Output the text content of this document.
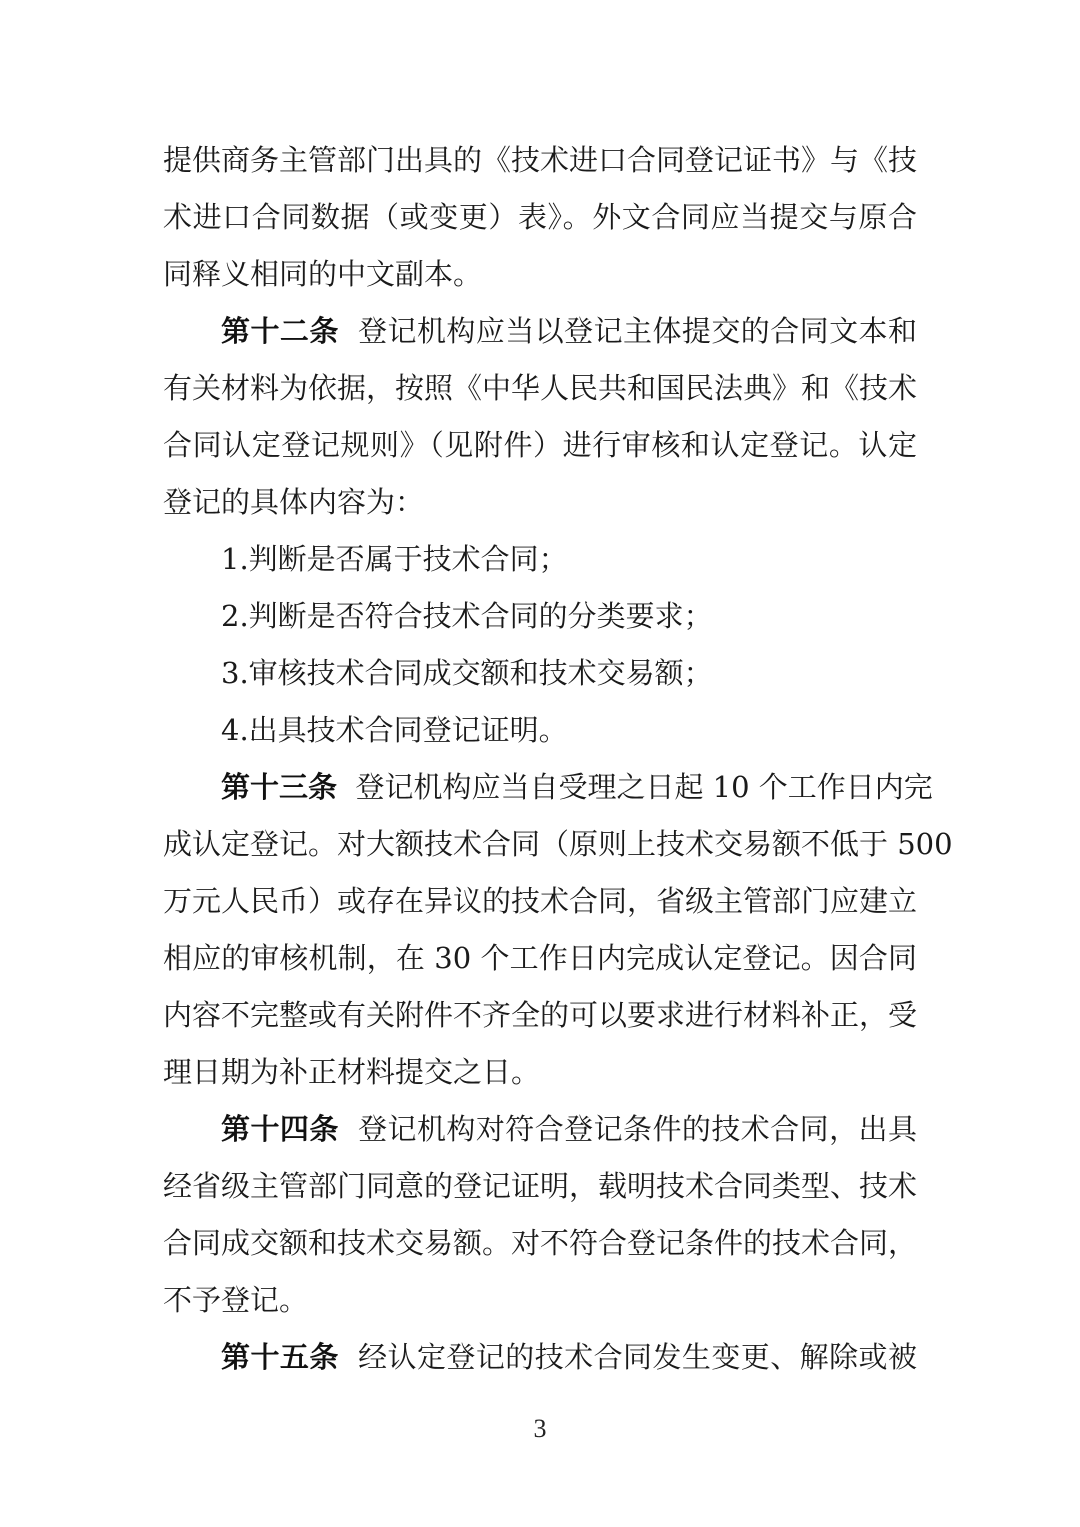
提供商务主管部门出具的《技术进口合同登记证书》与《技
术进口合同数据（或变更）表》。外文合同应当提交与原合
同释义相同的中文副本。
第十二条  登记机构应当以登记主体提交的合同文本和
有关材料为依据，按照《中华人民共和国民法典》和《技术
合同认定登记规则》（见附件）进行审核和认定登记。认定
登记的具体内容为：
1.判断是否属于技术合同；
2.判断是否符合技术合同的分类要求；
3.审核技术合同成交额和技术交易额；
4.出具技术合同登记证明。
第十三条  登记机构应当自受理之日起 10 个工作日内完
成认定登记。对大额技术合同（原则上技术交易额不低于 500
万元人民币）或存在异议的技术合同，省级主管部门应建立
相应的审核机制，在 30 个工作日内完成认定登记。因合同
内容不完整或有关附件不齐全的可以要求进行材料补正，受
理日期为补正材料提交之日。
第十四条  登记机构对符合登记条件的技术合同，出具
经省级主管部门同意的登记证明，载明技术合同类型、技术
合同成交额和技术交易额。对不符合登记条件的技术合同，
不予登记。
第十五条  经认定登记的技术合同发生变更、解除或被
3
